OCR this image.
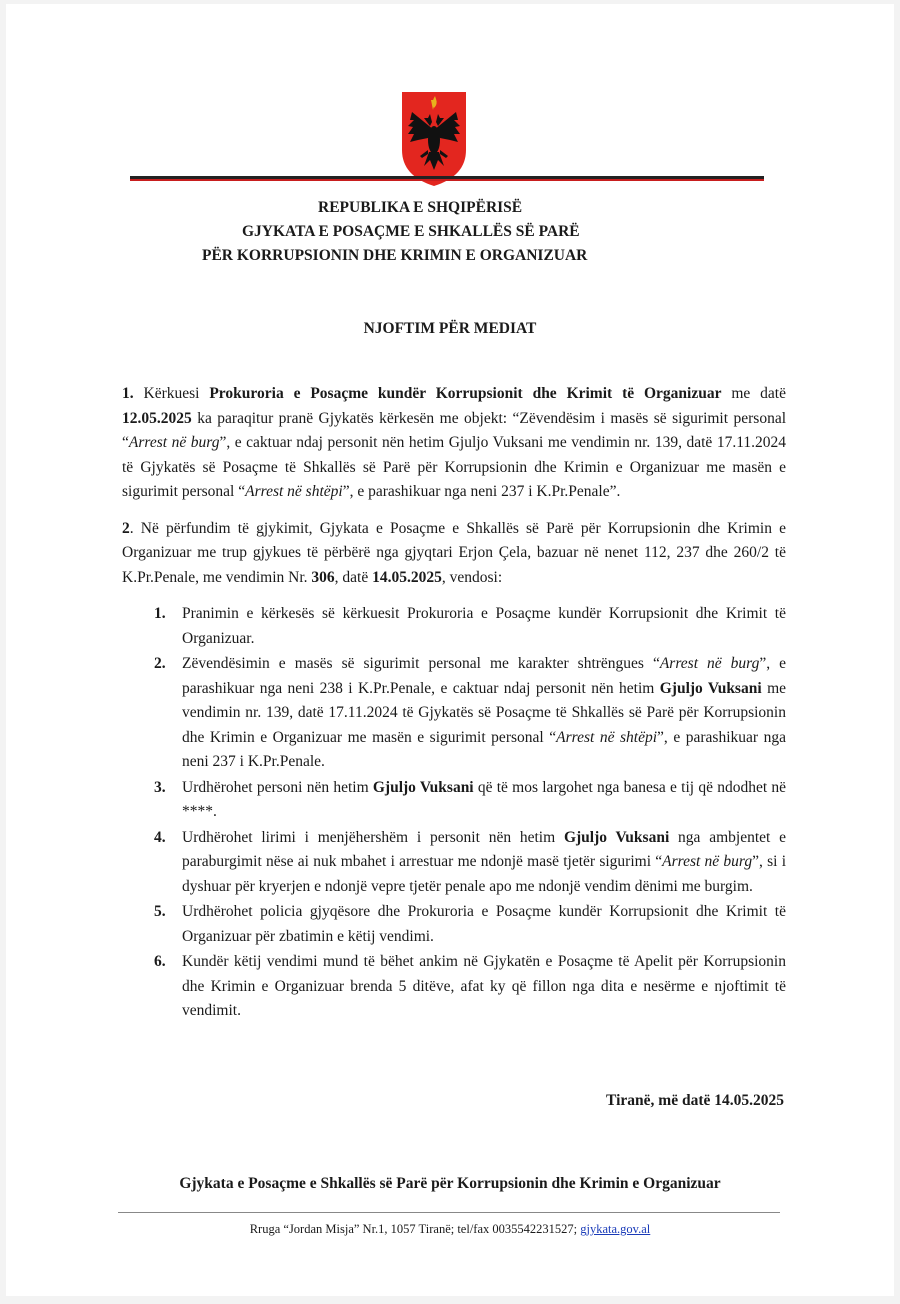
REPUBLIKA E SHQIPËRISË
GJYKATA E POSAÇME E SHKALLËS SË PARË
PËR KORRUPSIONIN DHE KRIMIN E ORGANIZUAR
NJOFTIM PËR MEDIAT

1. Kërkuesi Prokuroria e Posaçme kundër Korrupsionit dhe Krimit të Organizuar me datë 12.05.2025 ka paraqitur pranë Gjykatës kërkesën me objekt: “Zëvendësim i masës së sigurimit personal “Arrest në burg”, e caktuar ndaj personit nën hetim Gjuljo Vuksani me vendimin nr. 139, datë 17.11.2024 të Gjykatës së Posaçme të Shkallës së Parë për Korrupsionin dhe Krimin e Organizuar me masën e sigurimit personal “Arrest në shtëpi”, e parashikuar nga neni 237 i K.Pr.Penale”.

2. Në përfundim të gjykimit, Gjykata e Posaçme e Shkallës së Parë për Korrupsionin dhe Krimin e Organizuar me trup gjykues të përbërë nga gjyqtari Erjon Çela, bazuar në nenet 112, 237 dhe 260/2 të K.Pr.Penale, me vendimin Nr. 306, datë 14.05.2025, vendosi:

1. Pranimin e kërkesës së kërkuesit Prokuroria e Posaçme kundër Korrupsionit dhe Krimit të Organizuar.
2. Zëvendësimin e masës së sigurimit personal me karakter shtrëngues “Arrest në burg”, e parashikuar nga neni 238 i K.Pr.Penale, e caktuar ndaj personit nën hetim Gjuljo Vuksani me vendimin nr. 139, datë 17.11.2024 të Gjykatës së Posaçme të Shkallës së Parë për Korrupsionin dhe Krimin e Organizuar me masën e sigurimit personal “Arrest në shtëpi”, e parashikuar nga neni 237 i K.Pr.Penale.
3. Urdhërohet personi nën hetim Gjuljo Vuksani që të mos largohet nga banesa e tij që ndodhet në ****.
4. Urdhërohet lirimi i menjëhershëm i personit nën hetim Gjuljo Vuksani nga ambjentet e paraburgimit nëse ai nuk mbahet i arrestuar me ndonjë masë tjetër sigurimi “Arrest në burg”, si i dyshuar për kryerjen e ndonjë vepre tjetër penale apo me ndonjë vendim dënimi me burgim.
5. Urdhërohet policia gjyqësore dhe Prokuroria e Posaçme kundër Korrupsionit dhe Krimit të Organizuar për zbatimin e këtij vendimi.
6. Kundër këtij vendimi mund të bëhet ankim në Gjykatën e Posaçme të Apelit për Korrupsionin dhe Krimin e Organizuar brenda 5 ditëve, afat ky që fillon nga dita e nesërme e njoftimit të vendimit.
Tiranë, më datë 14.05.2025
Gjykata e Posaçme e Shkallës së Parë për Korrupsionin dhe Krimin e Organizuar
Rruga “Jordan Misja” Nr.1, 1057 Tiranë; tel/fax 0035542231527; gjykata.gov.al
